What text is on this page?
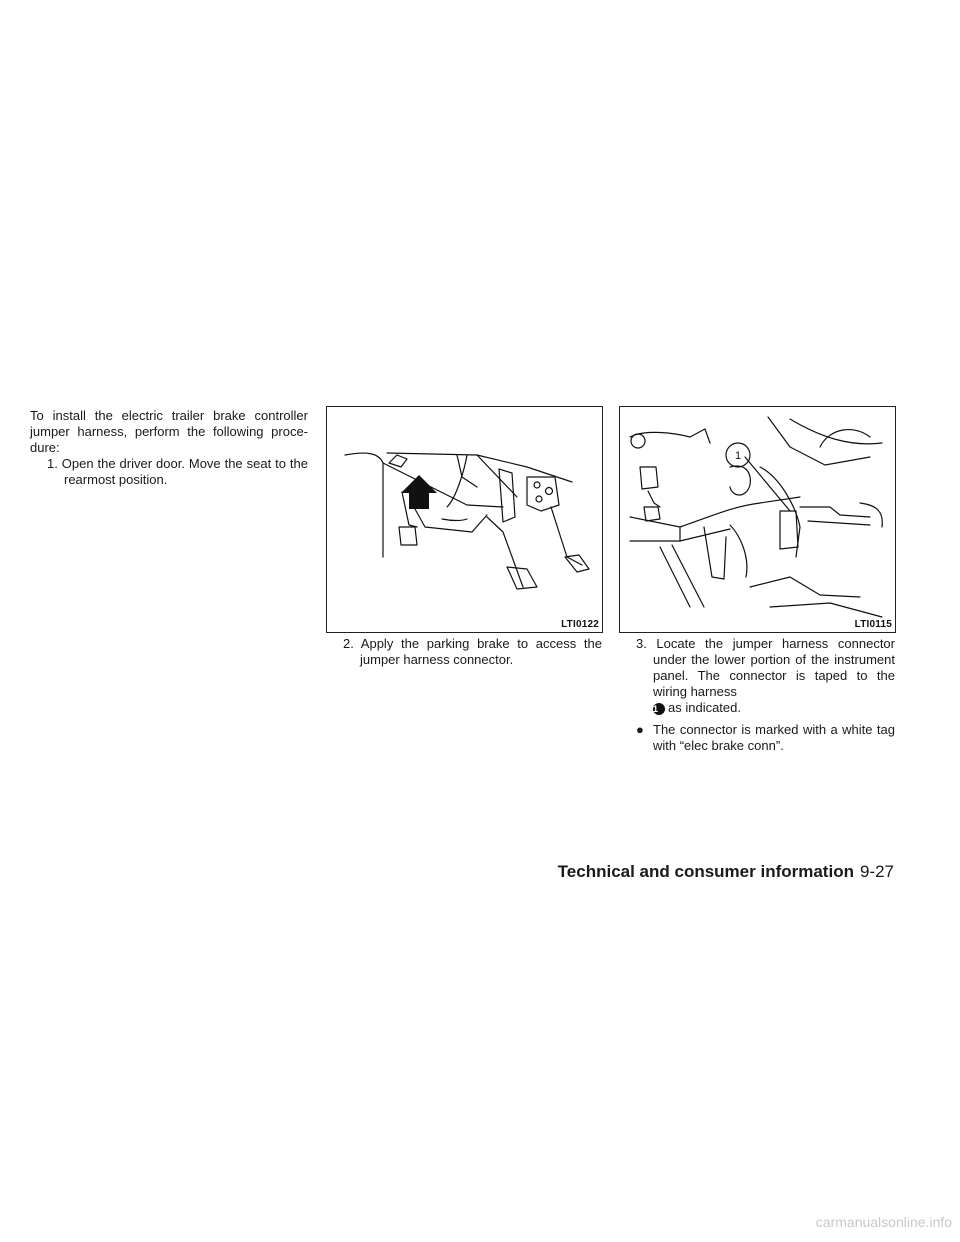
To install the electric trailer brake controller jumper harness, perform the following proce- dure:

1. Open the driver door. Move the seat to the rearmost position.

LTI0122
1
LTI0115

2. Apply the parking brake to access the jumper harness connector.

3. Locate the jumper harness connector under the lower portion of the instrument panel. The connector is taped to the wiring harness
1 as indicated.

● The connector is marked with a white tag with “elec brake conn”.

Technical and consumer information 9-27
carmanualsonline.info
